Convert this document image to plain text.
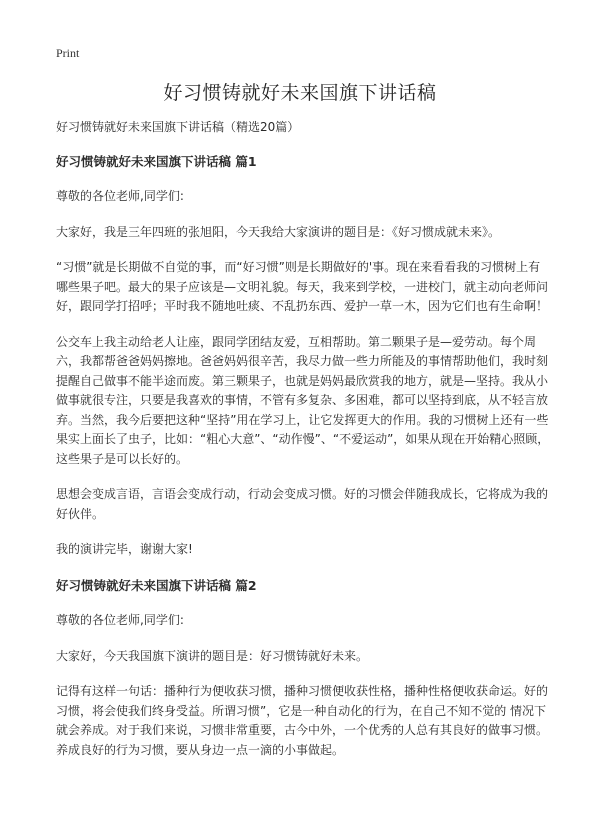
Print
好习惯铸就好未来国旗下讲话稿

好习惯铸就好未来国旗下讲话稿（精选20篇）

好习惯铸就好未来国旗下讲话稿 篇1

尊敬的各位老师,同学们:

大家好，我是三年四班的张旭阳，今天我给大家演讲的题目是：《好习惯成就未来》。

“习惯”就是长期做不自觉的事，而“好习惯”则是长期做好的'事。现在来看看我的习惯树上有哪些果子吧。最大的果子应该是—文明礼貌。每天，我来到学校，一进校门，就主动向老师问好，跟同学打招呼；平时我不随地吐痰、不乱扔东西、爱护一草一木，因为它们也有生命啊！

公交车上我主动给老人让座，跟同学团结友爱，互相帮助。第二颗果子是—爱劳动。每个周六，我都帮爸爸妈妈擦地。爸爸妈妈很辛苦，我尽力做一些力所能及的事情帮助他们，我时刻提醒自己做事不能半途而废。第三颗果子，也就是妈妈最欣赏我的地方，就是—坚持。我从小做事就很专注，只要是我喜欢的事情，不管有多复杂、多困难，都可以坚持到底，从不轻言放弃。当然，我今后要把这种“坚持”用在学习上，让它发挥更大的作用。我的习惯树上还有一些果实上面长了虫子，比如：“粗心大意”、“动作慢”、“不爱运动”，如果从现在开始精心照顾，这些果子是可以长好的。

思想会变成言语，言语会变成行动，行动会变成习惯。好的习惯会伴随我成长，它将成为我的好伙伴。

我的演讲完毕，谢谢大家!

好习惯铸就好未来国旗下讲话稿 篇2

尊敬的各位老师,同学们:

大家好，今天我国旗下演讲的题目是：好习惯铸就好未来。

记得有这样一句话：播种行为便收获习惯，播种习惯便收获性格，播种性格便收获命运。好的习惯，将会使我们终身受益。所谓习惯”，它是一种自动化的行为，在自己不知不觉的 情况下就会养成。对于我们来说，习惯非常重要，古今中外，一个优秀的人总有其良好的做事习惯。养成良好的行为习惯，要从身边一点一滴的小事做起。
